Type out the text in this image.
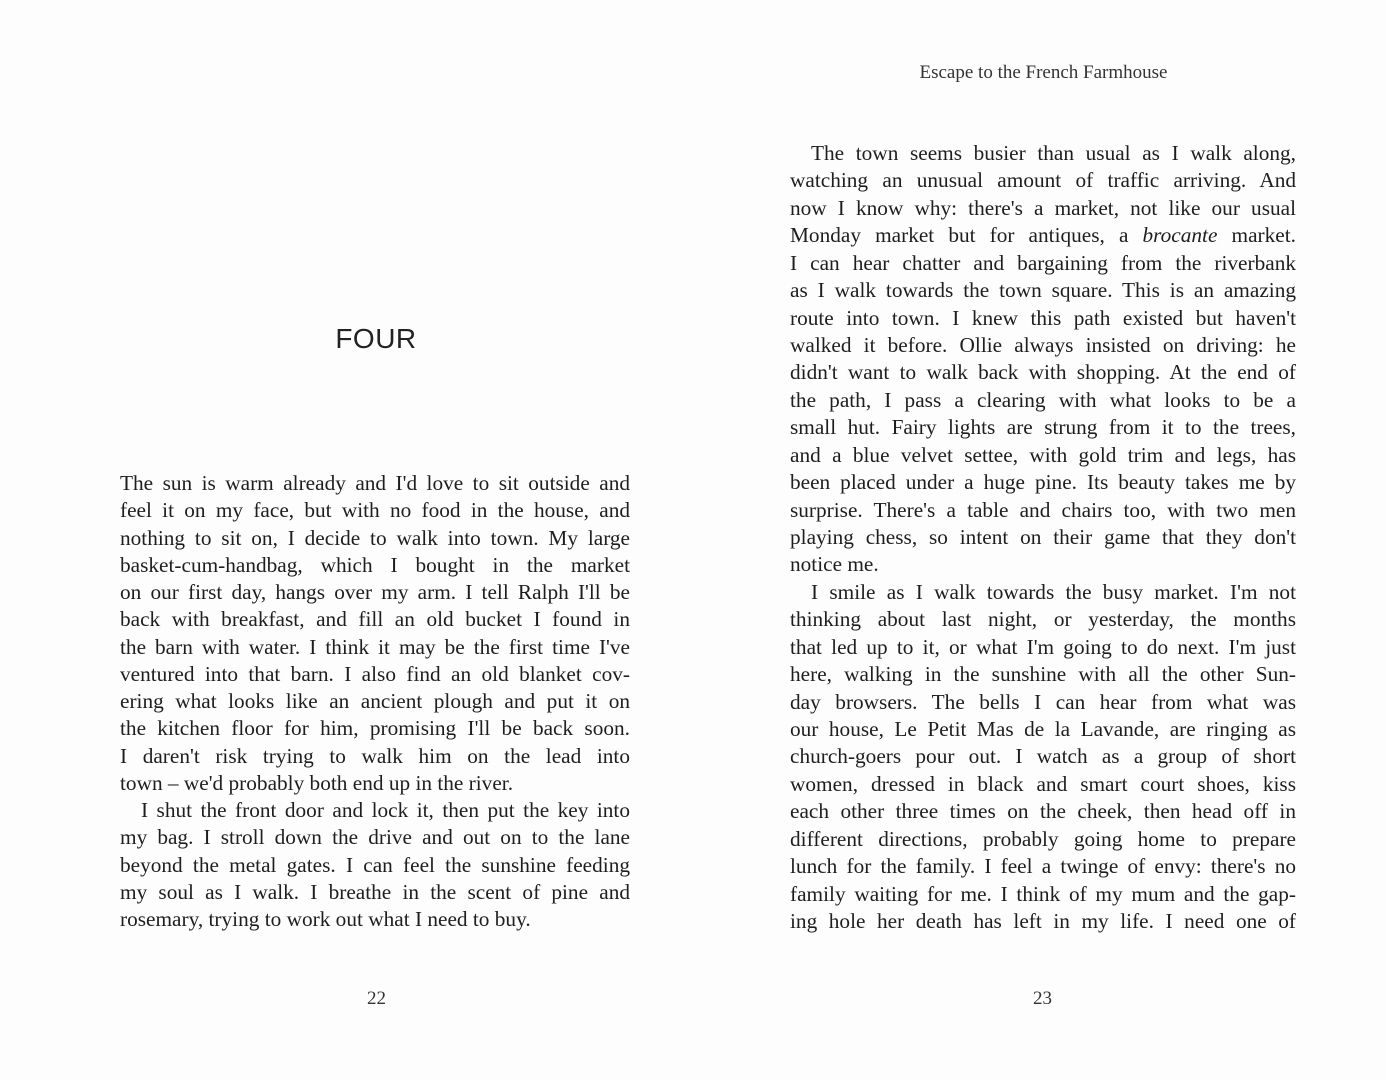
FOUR
The sun is warm already and I'd love to sit outside and
feel it on my face, but with no food in the house, and
nothing to sit on, I decide to walk into town. My large
basket-cum-handbag, which I bought in the market
on our first day, hangs over my arm. I tell Ralph I'll be
back with breakfast, and fill an old bucket I found in
the barn with water. I think it may be the first time I've
ventured into that barn. I also find an old blanket cov-
ering what looks like an ancient plough and put it on
the kitchen floor for him, promising I'll be back soon.
I daren't risk trying to walk him on the lead into
town – we'd probably both end up in the river.
I shut the front door and lock it, then put the key into
my bag. I stroll down the drive and out on to the lane
beyond the metal gates. I can feel the sunshine feeding
my soul as I walk. I breathe in the scent of pine and
rosemary, trying to work out what I need to buy.
22
Escape to the French Farmhouse
The town seems busier than usual as I walk along,
watching an unusual amount of traffic arriving. And
now I know why: there's a market, not like our usual
Monday market but for antiques, a brocante market.
I can hear chatter and bargaining from the riverbank
as I walk towards the town square. This is an amazing
route into town. I knew this path existed but haven't
walked it before. Ollie always insisted on driving: he
didn't want to walk back with shopping. At the end of
the path, I pass a clearing with what looks to be a
small hut. Fairy lights are strung from it to the trees,
and a blue velvet settee, with gold trim and legs, has
been placed under a huge pine. Its beauty takes me by
surprise. There's a table and chairs too, with two men
playing chess, so intent on their game that they don't
notice me.
I smile as I walk towards the busy market. I'm not
thinking about last night, or yesterday, the months
that led up to it, or what I'm going to do next. I'm just
here, walking in the sunshine with all the other Sun-
day browsers. The bells I can hear from what was
our house, Le Petit Mas de la Lavande, are ringing as
church-goers pour out. I watch as a group of short
women, dressed in black and smart court shoes, kiss
each other three times on the cheek, then head off in
different directions, probably going home to prepare
lunch for the family. I feel a twinge of envy: there's no
family waiting for me. I think of my mum and the gap-
ing hole her death has left in my life. I need one of
23
